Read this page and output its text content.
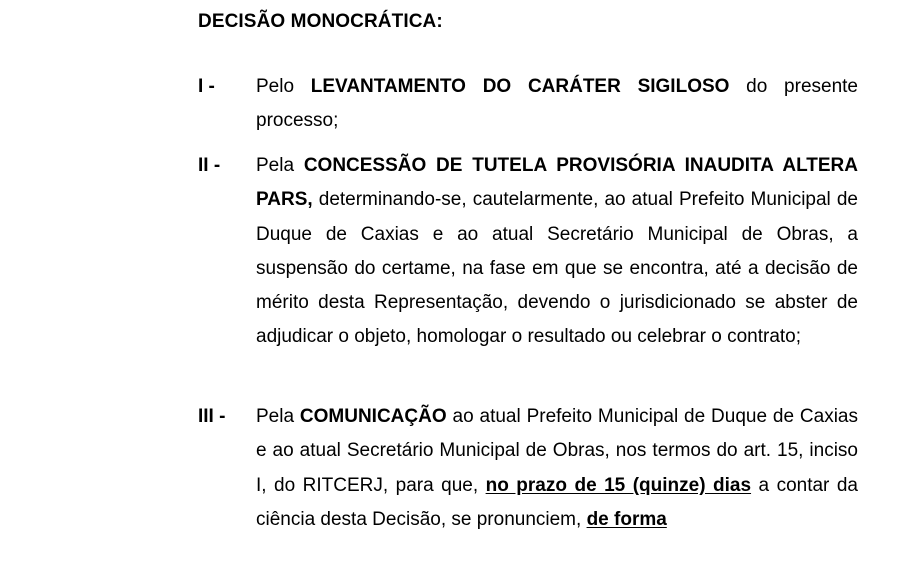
DECISÃO MONOCRÁTICA:
I - Pelo LEVANTAMENTO DO CARÁTER SIGILOSO do presente processo;
II - Pela CONCESSÃO DE TUTELA PROVISÓRIA INAUDITA ALTERA PARS, determinando-se, cautelarmente, ao atual Prefeito Municipal de Duque de Caxias e ao atual Secretário Municipal de Obras, a suspensão do certame, na fase em que se encontra, até a decisão de mérito desta Representação, devendo o jurisdicionado se abster de adjudicar o objeto, homologar o resultado ou celebrar o contrato;
III - Pela COMUNICAÇÃO ao atual Prefeito Municipal de Duque de Caxias e ao atual Secretário Municipal de Obras, nos termos do art. 15, inciso I, do RITCERJ, para que, no prazo de 15 (quinze) dias a contar da ciência desta Decisão, se pronunciem, de forma
